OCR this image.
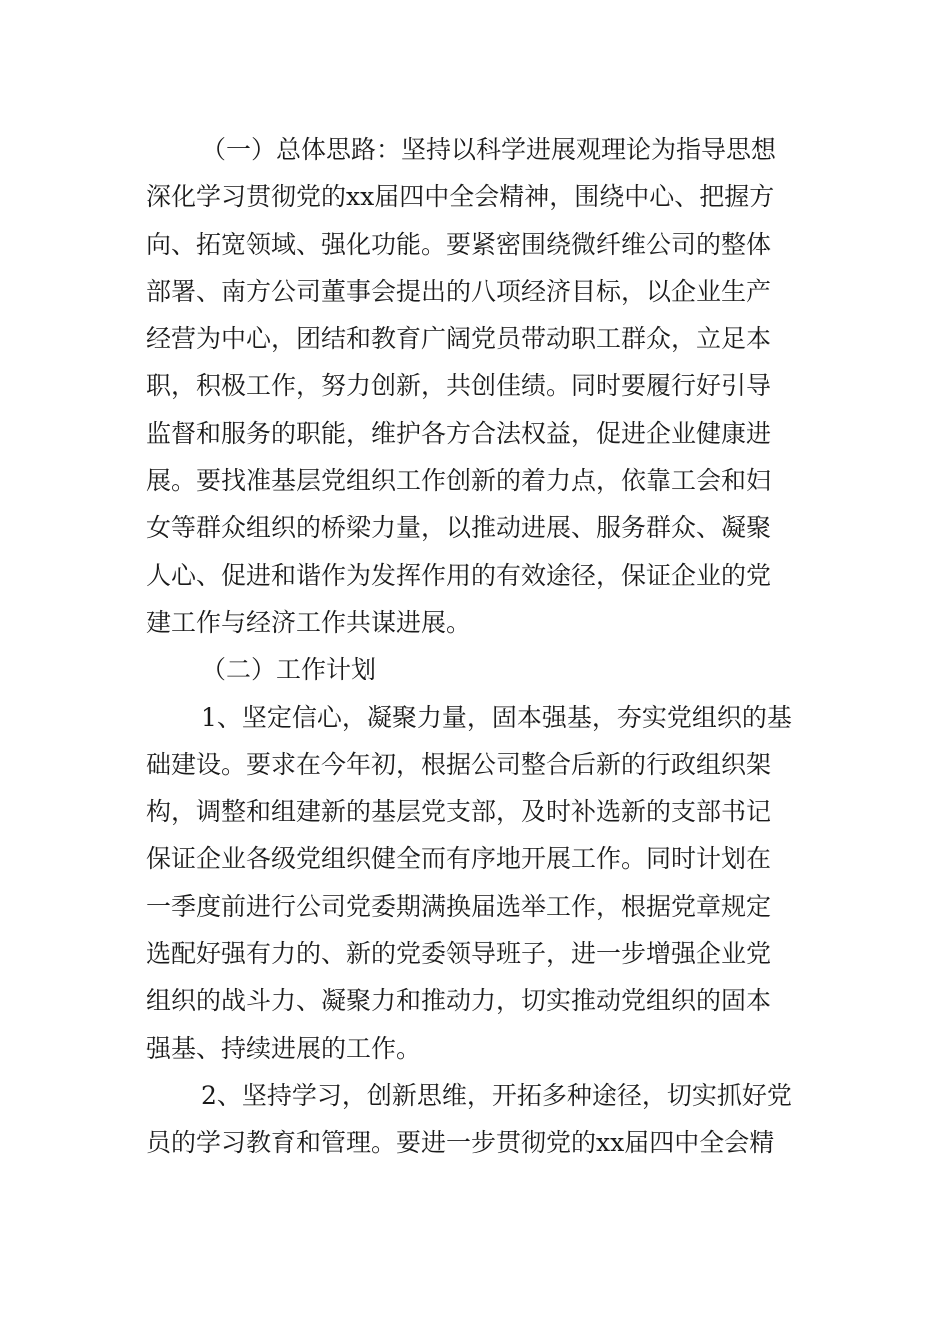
（一）总体思路：坚持以科学进展观理论为指导思想
深化学习贯彻党的xx届四中全会精神，围绕中心、把握方
向、拓宽领域、强化功能。要紧密围绕微纤维公司的整体
部署、南方公司董事会提出的八项经济目标，以企业生产
经营为中心，团结和教育广阔党员带动职工群众，立足本
职，积极工作，努力创新，共创佳绩。同时要履行好引导
监督和服务的职能，维护各方合法权益，促进企业健康进
展。要找准基层党组织工作创新的着力点，依靠工会和妇
女等群众组织的桥梁力量，以推动进展、服务群众、凝聚
人心、促进和谐作为发挥作用的有效途径，保证企业的党
建工作与经济工作共谋进展。
（二）工作计划
1、坚定信心，凝聚力量，固本强基，夯实党组织的基
础建设。要求在今年初，根据公司整合后新的行政组织架
构，调整和组建新的基层党支部，及时补选新的支部书记
保证企业各级党组织健全而有序地开展工作。同时计划在
一季度前进行公司党委期满换届选举工作，根据党章规定
选配好强有力的、新的党委领导班子，进一步增强企业党
组织的战斗力、凝聚力和推动力，切实推动党组织的固本
强基、持续进展的工作。
2、坚持学习，创新思维，开拓多种途径，切实抓好党
员的学习教育和管理。要进一步贯彻党的xx届四中全会精
